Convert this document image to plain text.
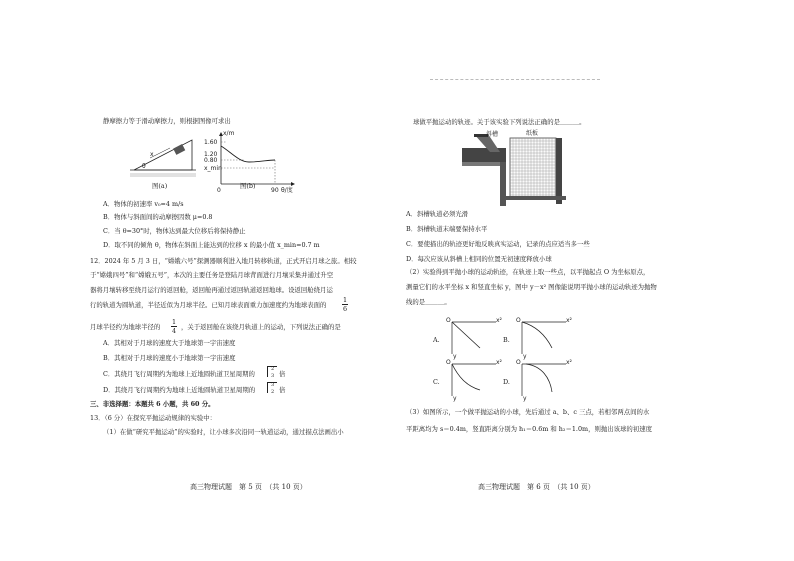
静摩擦力等于滑动摩擦力，则根据图像可求出
x
θ
图(a)
x/m
θ/度
1.60
1.20
0.80
x_min
0	90
图(b)
A．物体的初速率 v₀=4 m/s
B．物体与斜面间的动摩擦因数 μ=0.8
C．当 θ=30°时，物体达到最大位移后将保持静止
D．取不同的倾角 θ，物体在斜面上能达到的位移 x 的最小值 x_min=0.7 m
12．2024 年 5 月 3 日，“嫦娥六号”探测器顺利进入地月转移轨道，正式开启月球之旅。相较
于“嫦娥四号”和“嫦娥五号”，本次的主要任务是登陆月球背面进行月壤采集并通过升空
器将月壤转移至绕月运行的返回舱，返回舱再通过返回轨道返回地球。设返回舱绕月运
行的轨道为圆轨道，半径近似为月球半径。已知月球表面重力加速度约为地球表面的
1
6
月球半径约为地球半径的
1
4 ，关于返回舱在该绕月轨道上的运动，下列说法正确的是
A．其相对于月球的速度大于地球第一宇宙速度
B．其相对于月球的速度小于地球第一宇宙速度
C．其绕月飞行周期约为地球上近地圆轨道卫星周期的
2
3 倍
D．其绕月飞行周期约为地球上近地圆轨道卫星周期的
3
2 倍
三、非选择题：本题共 6 小题，共 60 分。
13．（6 分）在探究平抛运动规律的实验中：
（1）在做“研究平抛运动”的实验时，让小球多次沿同一轨道运动，通过描点法画出小
高三物理试题　第 5 页　（共 10 页）
球做平抛运动的轨迹。关于该实验下列说法正确的是＿＿＿。
斜槽	纸板
A．斜槽轨道必须光滑
B．斜槽轨道末端要保持水平
C．要使描出的轨迹更好地反映真实运动，记录的点应适当多一些
D．每次应该从斜槽上相同的位置无初速度释放小球
（2）实验得到平抛小球的运动轨迹，在轨迹上取一些点，以平抛起点 O 为坐标原点，
测量它们的水平坐标 x 和竖直坐标 y，图中 y－x² 图像能说明平抛小球的运动轨迹为抛物
线的是＿＿＿。
A.
O	x²
y
B.
O	x²
y
C.
O	x²
y
D.
O	x²
y
（3）如图所示，一个做平抛运动的小球，先后通过 a、b、c 三点，若相邻两点间的水
平距离均为 s＝0.4m，竖直距离分别为 h₁＝0.6m 和 h₂＝1.0m，则抛出该球的初速度
高三物理试题　第 6 页　（共 10 页）
